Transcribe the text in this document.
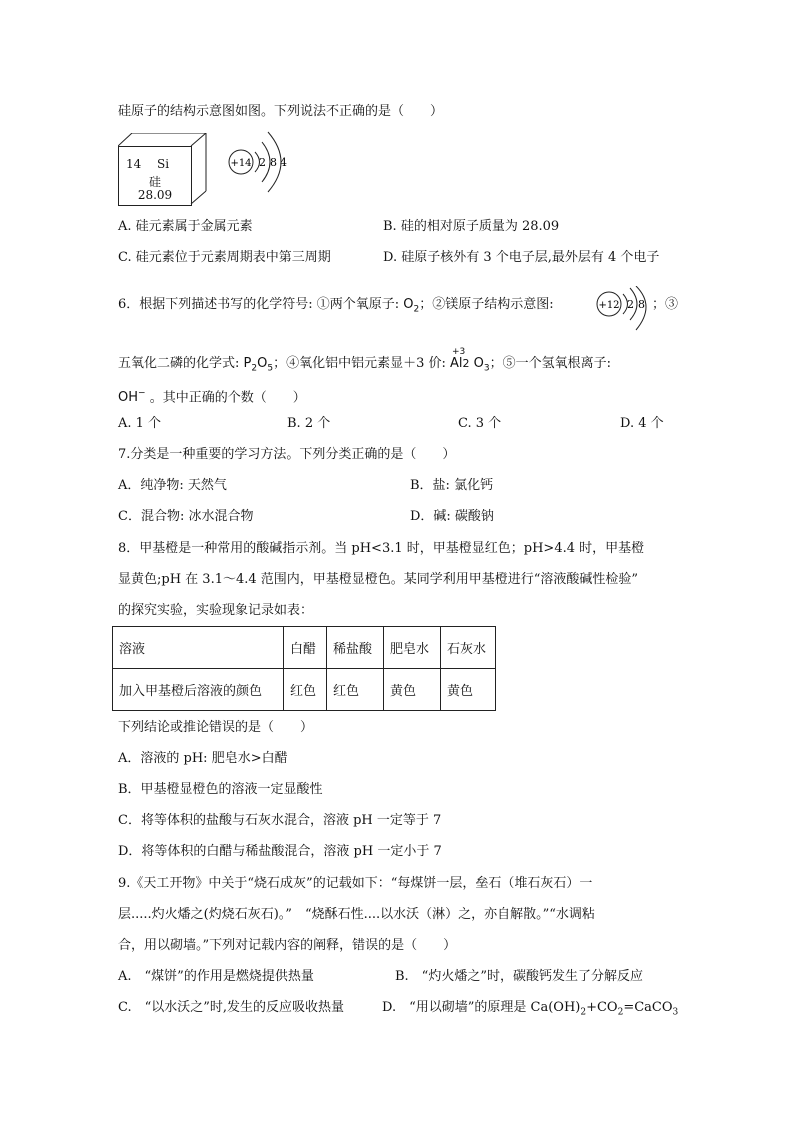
硅原子的结构示意图如图。下列说法不正确的是（　　）
14 Si
硅
28.09
+14 2 8 4
A. 硅元素属于金属元素	B. 硅的相对原子质量为 28.09
C. 硅元素位于元素周期表中第三周期	D. 硅原子核外有 3 个电子层,最外层有 4 个电子
6．根据下列描述书写的化学符号: ①两个氧原子: $O_2$；②镁原子结构示意图:	+12 2 8 ；③
五氧化二磷的化学式: $P_2O_5$；④氧化铝中铝元素显＋3 价:
+3
Al2 $O_3$；⑤一个氢氧根离子:
OH− 。其中正确的个数（　　）
A. 1 个	B. 2 个	C. 3 个	D. 4 个
7.分类是一种重要的学习方法。下列分类正确的是（　　）
A．纯净物: 天然气	B．盐: 氯化钙
C．混合物: 冰水混合物	D．碱: 碳酸钠
8．甲基橙是一种常用的酸碱指示剂。当 pH<3.1 时，甲基橙显红色；pH>4.4 时，甲基橙
显黄色;pH 在 3.1～4.4 范围内，甲基橙显橙色。某同学利用甲基橙进行“溶液酸碱性检验”
的探究实验，实验现象记录如表：
溶液	白醋	稀盐酸	肥皂水	石灰水
加入甲基橙后溶液的颜色	红色	红色	黄色	黄色
下列结论或推论错误的是（　　）
A．溶液的 pH: 肥皂水>白醋
B．甲基橙显橙色的溶液一定显酸性
C．将等体积的盐酸与石灰水混合，溶液 pH 一定等于 7
D．将等体积的白醋与稀盐酸混合，溶液 pH 一定小于 7
9.《天工开物》中关于“烧石成灰”的记载如下：“每煤饼一层，垒石（堆石灰石）一
层.....灼火燔之(灼烧石灰石)。”　“烧酥石性....以水沃（淋）之，亦自解散。”“水调粘
合，用以砌墙。”下列对记载内容的阐释，错误的是（　　）
A.　“煤饼”的作用是燃烧提供热量	B.　“灼火燔之”时，碳酸钙发生了分解反应
C.　“以水沃之”时,发生的反应吸收热量	D.　“用以砌墙”的原理是 $Ca(OH)_2+CO_2=CaCO_3$
